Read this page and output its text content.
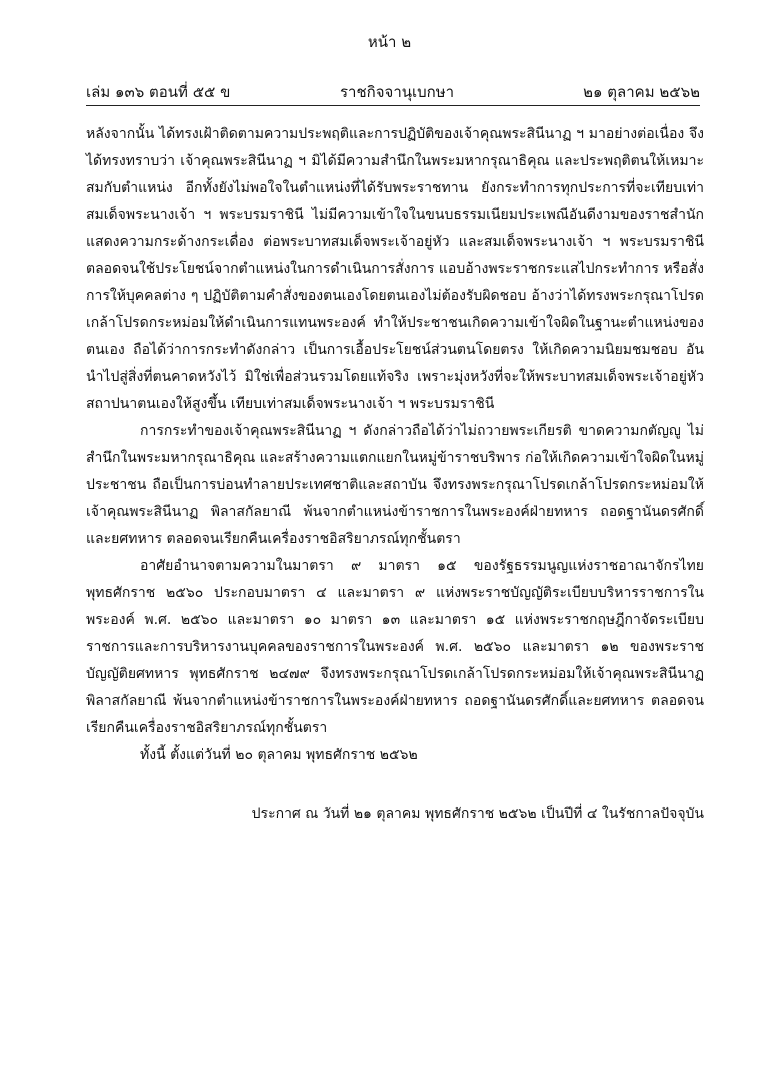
หน้า ๒
เล่ม ๑๓๖ ตอนที่ ๕๕ ข	ราชกิจจานุเบกษา	๒๑ ตุลาคม ๒๕๖๒

หลังจากนั้น ได้ทรงเฝ้าติดตามความประพฤติและการปฏิบัติของเจ้าคุณพระสินีนาฏ ฯ มาอย่างต่อเนื่อง จึงได้ทรงทราบว่า เจ้าคุณพระสินีนาฏ ฯ มิได้มีความสำนึกในพระมหากรุณาธิคุณ และประพฤติตนให้เหมาะสมกับตำแหน่ง อีกทั้งยังไม่พอใจในตำแหน่งที่ได้รับพระราชทาน ยังกระทำการทุกประการที่จะเทียบเท่าสมเด็จพระนางเจ้า ฯ พระบรมราชินี ไม่มีความเข้าใจในขนบธรรมเนียมประเพณีอันดีงามของราชสำนัก แสดงความกระด้างกระเดื่อง ต่อพระบาทสมเด็จพระเจ้าอยู่หัว และสมเด็จพระนางเจ้า ฯ พระบรมราชินี ตลอดจนใช้ประโยชน์จากตำแหน่งในการดำเนินการสั่งการ แอบอ้างพระราชกระแสไปกระทำการ หรือสั่งการให้บุคคลต่าง ๆ ปฏิบัติตามคำสั่งของตนเองโดยตนเองไม่ต้องรับผิดชอบ อ้างว่าได้ทรงพระกรุณาโปรดเกล้าโปรดกระหม่อมให้ดำเนินการแทนพระองค์ ทำให้ประชาชนเกิดความเข้าใจผิดในฐานะตำแหน่งของตนเอง ถือได้ว่าการกระทำดังกล่าว เป็นการเอื้อประโยชน์ส่วนตนโดยตรง ให้เกิดความนิยมชมชอบ อันนำไปสู่สิ่งที่ตนคาดหวังไว้ มิใช่เพื่อส่วนรวมโดยแท้จริง เพราะมุ่งหวังที่จะให้พระบาทสมเด็จพระเจ้าอยู่หัวสถาปนาตนเองให้สูงขึ้น เทียบเท่าสมเด็จพระนางเจ้า ฯ พระบรมราชินี

การกระทำของเจ้าคุณพระสินีนาฏ ฯ ดังกล่าวถือได้ว่าไม่ถวายพระเกียรติ ขาดความกตัญญู ไม่สำนึกในพระมหากรุณาธิคุณ และสร้างความแตกแยกในหมู่ข้าราชบริพาร ก่อให้เกิดความเข้าใจผิดในหมู่ประชาชน ถือเป็นการบ่อนทำลายประเทศชาติและสถาบัน จึงทรงพระกรุณาโปรดเกล้าโปรดกระหม่อมให้เจ้าคุณพระสินีนาฏ พิลาสกัลยาณี พ้นจากตำแหน่งข้าราชการในพระองค์ฝ่ายทหาร ถอดฐานันดรศักดิ์และยศทหาร ตลอดจนเรียกคืนเครื่องราชอิสริยาภรณ์ทุกชั้นตรา

อาศัยอำนาจตามความในมาตรา ๙ มาตรา ๑๕ ของรัฐธรรมนูญแห่งราชอาณาจักรไทย พุทธศักราช ๒๕๖๐ ประกอบมาตรา ๔ และมาตรา ๙ แห่งพระราชบัญญัติระเบียบบริหารราชการในพระองค์ พ.ศ. ๒๕๖๐ และมาตรา ๑๐ มาตรา ๑๓ และมาตรา ๑๕ แห่งพระราชกฤษฎีกาจัดระเบียบราชการและการบริหารงานบุคคลของราชการในพระองค์ พ.ศ. ๒๕๖๐ และมาตรา ๑๒ ของพระราชบัญญัติยศทหาร พุทธศักราช ๒๔๗๙ จึงทรงพระกรุณาโปรดเกล้าโปรดกระหม่อมให้เจ้าคุณพระสินีนาฏ พิลาสกัลยาณี พ้นจากตำแหน่งข้าราชการในพระองค์ฝ่ายทหาร ถอดฐานันดรศักดิ์และยศทหาร ตลอดจนเรียกคืนเครื่องราชอิสริยาภรณ์ทุกชั้นตรา

ทั้งนี้ ตั้งแต่วันที่ ๒๐ ตุลาคม พุทธศักราช ๒๕๖๒

ประกาศ ณ วันที่ ๒๑ ตุลาคม พุทธศักราช ๒๕๖๒ เป็นปีที่ ๔ ในรัชกาลปัจจุบัน
